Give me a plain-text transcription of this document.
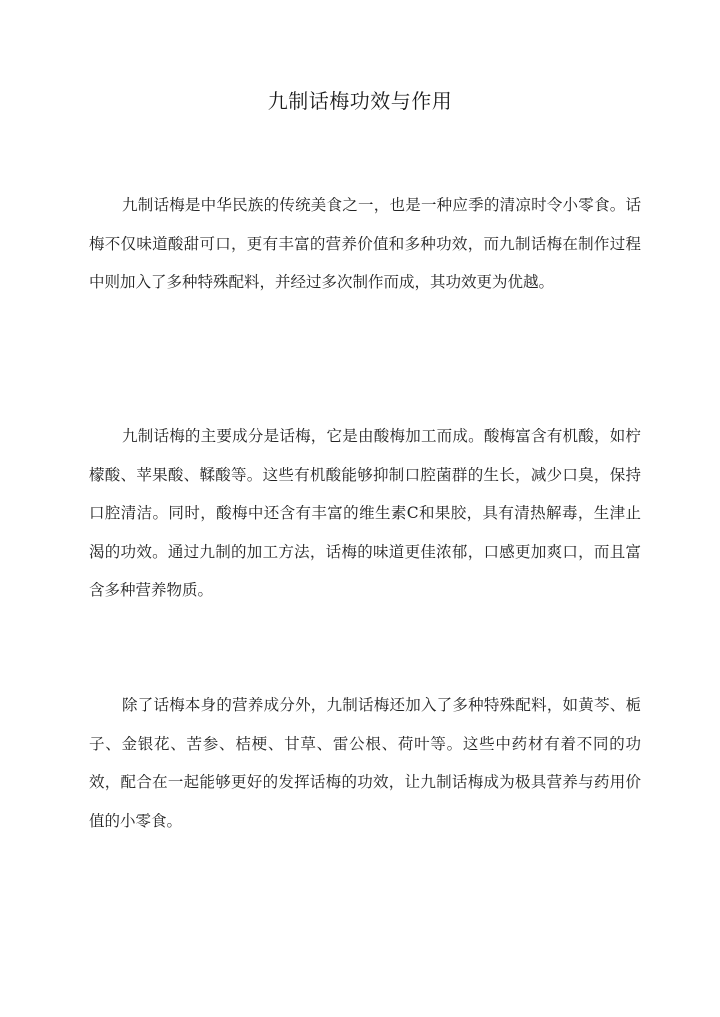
九制话梅功效与作用

九制话梅是中华民族的传统美食之一，也是一种应季的清凉时令小零食。话梅不仅味道酸甜可口，更有丰富的营养价值和多种功效，而九制话梅在制作过程中则加入了多种特殊配料，并经过多次制作而成，其功效更为优越。

九制话梅的主要成分是话梅，它是由酸梅加工而成。酸梅富含有机酸，如柠檬酸、苹果酸、鞣酸等。这些有机酸能够抑制口腔菌群的生长，减少口臭，保持口腔清洁。同时，酸梅中还含有丰富的维生素C和果胶，具有清热解毒，生津止渴的功效。通过九制的加工方法，话梅的味道更佳浓郁，口感更加爽口，而且富含多种营养物质。

除了话梅本身的营养成分外，九制话梅还加入了多种特殊配料，如黄芩、栀子、金银花、苦参、桔梗、甘草、雷公根、荷叶等。这些中药材有着不同的功效，配合在一起能够更好的发挥话梅的功效，让九制话梅成为极具营养与药用价值的小零食。
